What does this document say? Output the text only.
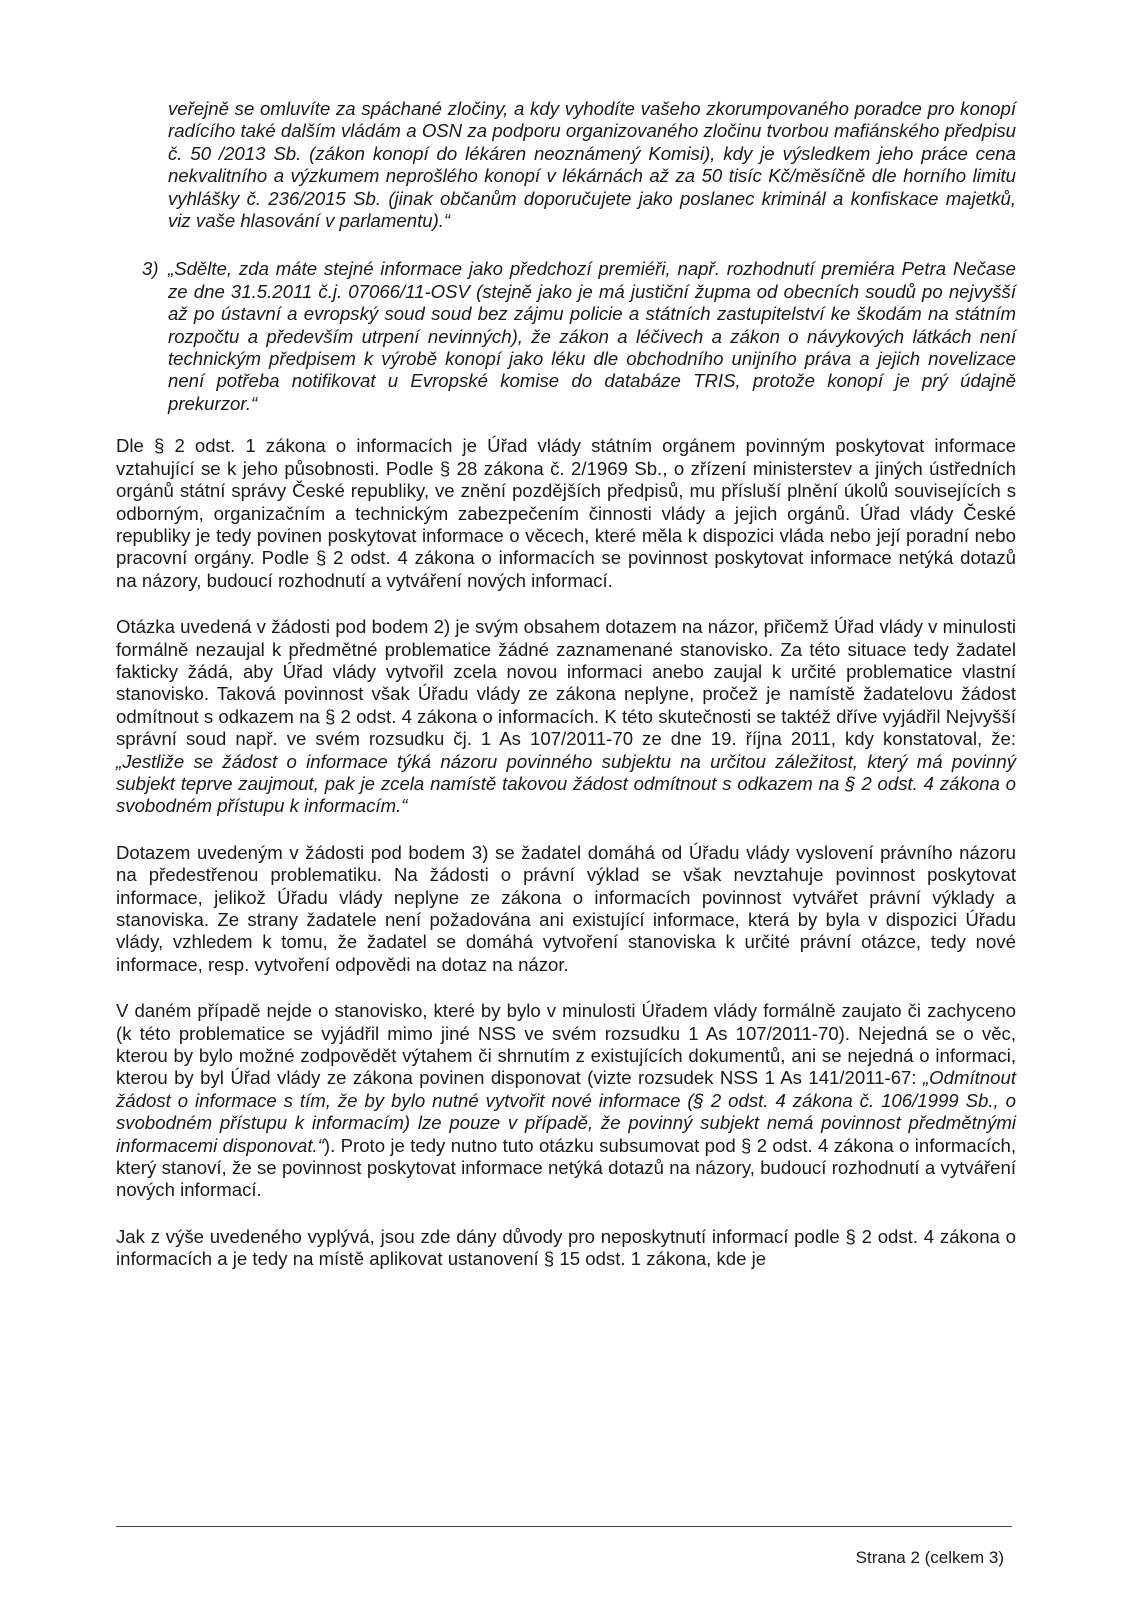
veřejně se omluvíte za spáchané zločiny, a kdy vyhodíte vašeho zkorumpovaného poradce pro konopí radícího také dalším vládám a OSN za podporu organizovaného zločinu tvorbou mafiánského předpisu č. 50 /2013 Sb. (zákon konopí do lékáren neoznámený Komisi), kdy je výsledkem jeho práce cena nekvalitního a výzkumem neprošlého konopí v lékárnách až za 50 tisíc Kč/měsíčně dle horního limitu vyhlášky č. 236/2015 Sb. (jinak občanům doporučujete jako poslanec kriminál a konfiskace majetků, viz vaše hlasování v parlamentu).“
3) „Sdělte, zda máte stejné informace jako předchozí premiéři, např. rozhodnutí premiéra Petra Nečase ze dne 31.5.2011 č.j. 07066/11-OSV (stejně jako je má justiční župma od obecních soudů po nejvyšší až po ústavní a evropský soud soud bez zájmu policie a státních zastupitelství ke škodám na státním rozpočtu a především utrpení nevinných), že zákon a léčivech a zákon o návykových látkách není technickým předpisem k výrobě konopí jako léku dle obchodního unijního práva a jejich novelizace není potřeba notifikovat u Evropské komise do databáze TRIS, protože konopí je prý údajně prekurzor.“

Dle § 2 odst. 1 zákona o informacích je Úřad vlády státním orgánem povinným poskytovat informace vztahující se k jeho působnosti. Podle § 28 zákona č. 2/1969 Sb., o zřízení ministerstev a jiných ústředních orgánů státní správy České republiky, ve znění pozdějších předpisů, mu přísluší plnění úkolů souvisejících s odborným, organizačním a technickým zabezpečením činnosti vlády a jejich orgánů. Úřad vlády České republiky je tedy povinen poskytovat informace o věcech, které měla k dispozici vláda nebo její poradní nebo pracovní orgány. Podle § 2 odst. 4 zákona o informacích se povinnost poskytovat informace netýká dotazů na názory, budoucí rozhodnutí a vytváření nových informací.

Otázka uvedená v žádosti pod bodem 2) je svým obsahem dotazem na názor, přičemž Úřad vlády v minulosti formálně nezaujal k předmětné problematice žádné zaznamenané stanovisko. Za této situace tedy žadatel fakticky žádá, aby Úřad vlády vytvořil zcela novou informaci anebo zaujal k určité problematice vlastní stanovisko. Taková povinnost však Úřadu vlády ze zákona neplyne, pročež je namístě žadatelovu žádost odmítnout s odkazem na § 2 odst. 4 zákona o informacích. K této skutečnosti se taktéž dříve vyjádřil Nejvyšší správní soud např. ve svém rozsudku čj. 1 As 107/2011-70 ze dne 19. října 2011, kdy konstatoval, že: „Jestliže se žádost o informace týká názoru povinného subjektu na určitou záležitost, který má povinný subjekt teprve zaujmout, pak je zcela namístě takovou žádost odmítnout s odkazem na § 2 odst. 4 zákona o svobodném přístupu k informacím.“

Dotazem uvedeným v žádosti pod bodem 3) se žadatel domáhá od Úřadu vlády vyslovení právního názoru na předestřenou problematiku. Na žádosti o právní výklad se však nevztahuje povinnost poskytovat informace, jelikož Úřadu vlády neplyne ze zákona o informacích povinnost vytvářet právní výklady a stanoviska. Ze strany žadatele není požadována ani existující informace, která by byla v dispozici Úřadu vlády, vzhledem k tomu, že žadatel se domáhá vytvoření stanoviska k určité právní otázce, tedy nové informace, resp. vytvoření odpovědi na dotaz na názor.

V daném případě nejde o stanovisko, které by bylo v minulosti Úřadem vlády formálně zaujato či zachyceno (k této problematice se vyjádřil mimo jiné NSS ve svém rozsudku 1 As 107/2011-70). Nejedná se o věc, kterou by bylo možné zodpovědět výtahem či shrnutím z existujících dokumentů, ani se nejedná o informaci, kterou by byl Úřad vlády ze zákona povinen disponovat (vizte rozsudek NSS 1 As 141/2011-67: „Odmítnout žádost o informace s tím, že by bylo nutné vytvořit nové informace (§ 2 odst. 4 zákona č. 106/1999 Sb., o svobodném přístupu k informacím) lze pouze v případě, že povinný subjekt nemá povinnost předmětnými informacemi disponovat.“). Proto je tedy nutno tuto otázku subsumovat pod § 2 odst. 4 zákona o informacích, který stanoví, že se povinnost poskytovat informace netýká dotazů na názory, budoucí rozhodnutí a vytváření nových informací.

Jak z výše uvedeného vyplývá, jsou zde dány důvody pro neposkytnutí informací podle § 2 odst. 4 zákona o informacích a je tedy na místě aplikovat ustanovení § 15 odst. 1 zákona, kde je

Strana 2 (celkem 3)
